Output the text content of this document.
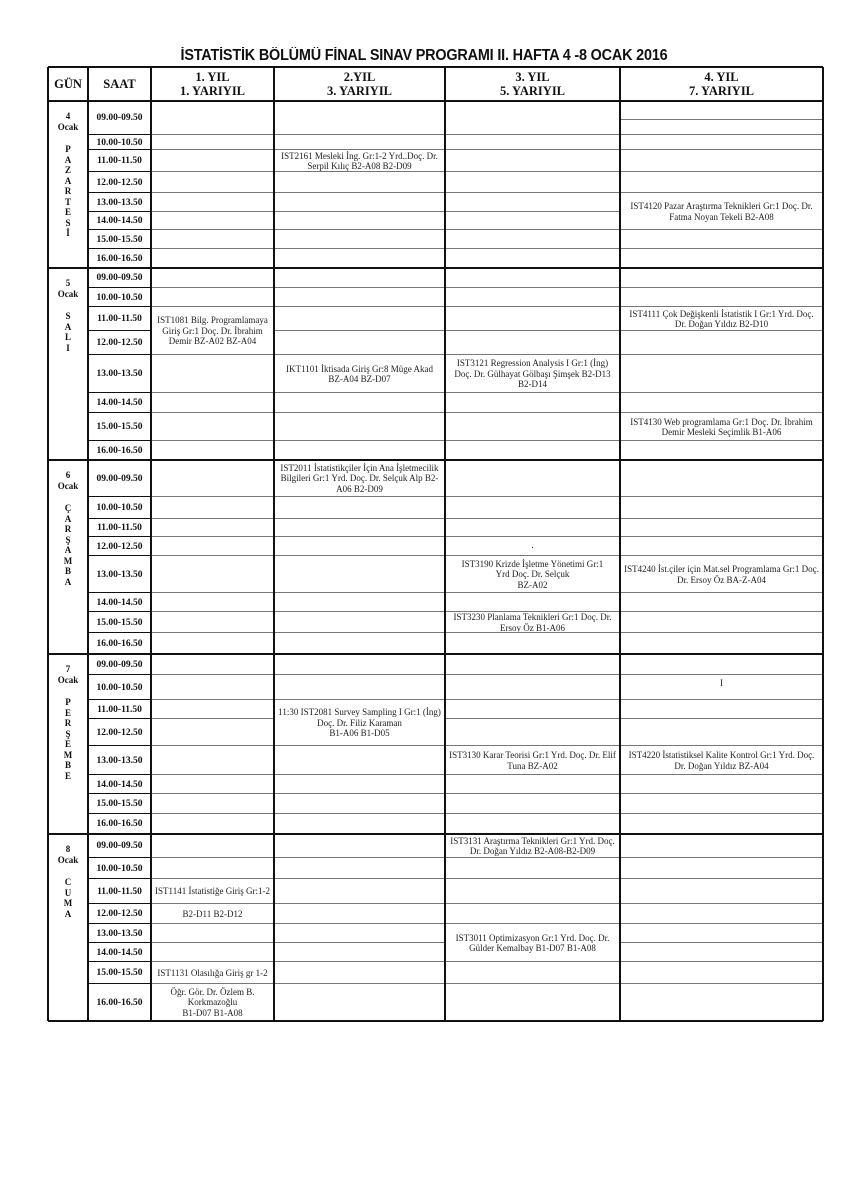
İSTATİSTİK BÖLÜMÜ FİNAL SINAV PROGRAMI II. HAFTA 4 -8 OCAK 2016
GÜN	SAAT	1. YIL
1. YARIYIL
2.YIL
3. YARIYIL
3. YIL
5. YARIYIL
4. YIL
7. YARIYIL
4
Ocak
P
A
Z
A
R
T
E
S
İ
09.00-09.50
10.00-10.50
11.00-11.50
12.00-12.50
13.00-13.50
14.00-14.50
15.00-15.50
16.00-16.50
IST2161 Mesleki İng. Gr:1-2 Yrd..Doç. Dr. Serpil Kılıç B2-A08 B2-D09
IST4120 Pazar Araştırma Teknikleri Gr:1 Doç. Dr. Fatma Noyan Tekeli B2-A08
5
Ocak
S
A
L
I
09.00-09.50
10.00-10.50
11.00-11.50
12.00-12.50
13.00-13.50
14.00-14.50
15.00-15.50
16.00-16.50
IST1081 Bilg. Programlamaya Giriş Gr:1 Doç. Dr. İbrahim Demir BZ-A02 BZ-A04
IKT1101 İktisada Giriş Gr:8 Müge Akad BZ-A04 BZ-D07
IST3121 Regression Analysis I Gr:1 (İng) Doç. Dr. Gülhayat Gölbaşı Şimşek B2-D13 B2-D14
IST4111 Çok Değişkenli İstatistik I Gr:1 Yrd. Doç. Dr. Doğan Yıldız B2-D10
IST4130 Web programlama Gr:1 Doç. Dr. İbrahim Demir Mesleki Seçimlik B1-A06
6
Ocak
Ç
A
R
Ş
A
M
B
A
09.00-09.50
10.00-10.50
11.00-11.50
12.00-12.50
13.00-13.50
14.00-14.50
15.00-15.50
16.00-16.50
IST2011 İstatistikçiler İçin Ana İşletmecilik Bilgileri Gr:1 Yrd. Doç. Dr. Selçuk Alp B2-A06 B2-D09
IST3190 Krizde İşletme Yönetimi Gr:1
Yrd Doç. Dr. Selçuk
BZ-A02
IST3230 Planlama Teknikleri Gr:1 Doç. Dr. Ersoy Öz B1-A06
IST4240 İst.çiler için Mat.sel Programlama Gr:1 Doç. Dr. Ersoy Öz BA-Z-A04
.
7
Ocak
P
E
R
Ş
E
M
B
E
09.00-09.50
10.00-10.50
11.00-11.50
12.00-12.50
13.00-13.50
14.00-14.50
15.00-15.50
16.00-16.50
11:30 IST2081 Survey Sampling I Gr:1 (İng) Doç. Dr. Filiz Karaman
B1-A06 B1-D05
IST3130 Karar Teorisi Gr:1 Yrd. Doç. Dr. Elif Tuna BZ-A02
IST4220 İstatistiksel Kalite Kontrol Gr:1 Yrd. Doç. Dr. Doğan Yıldız BZ-A04
I
8
Ocak
C
U
M
A
09.00-09.50
10.00-10.50
11.00-11.50
12.00-12.50
13.00-13.50
14.00-14.50
15.00-15.50
16.00-16.50
IST1141 İstatistiğe Giriş Gr:1-2
B2-D11 B2-D12
IST1131 Olasılığa Giriş gr 1-2
Öğr. Gör. Dr. Özlem B. Korkmazoğlu
B1-D07 B1-A08
IST3131 Araştırma Teknikleri Gr:1 Yrd. Doç. Dr. Doğan Yıldız B2-A08-B2-D09
IST3011 Optimizasyon Gr:1 Yrd. Doç. Dr.
Gülder Kemalbay B1-D07 B1-A08
